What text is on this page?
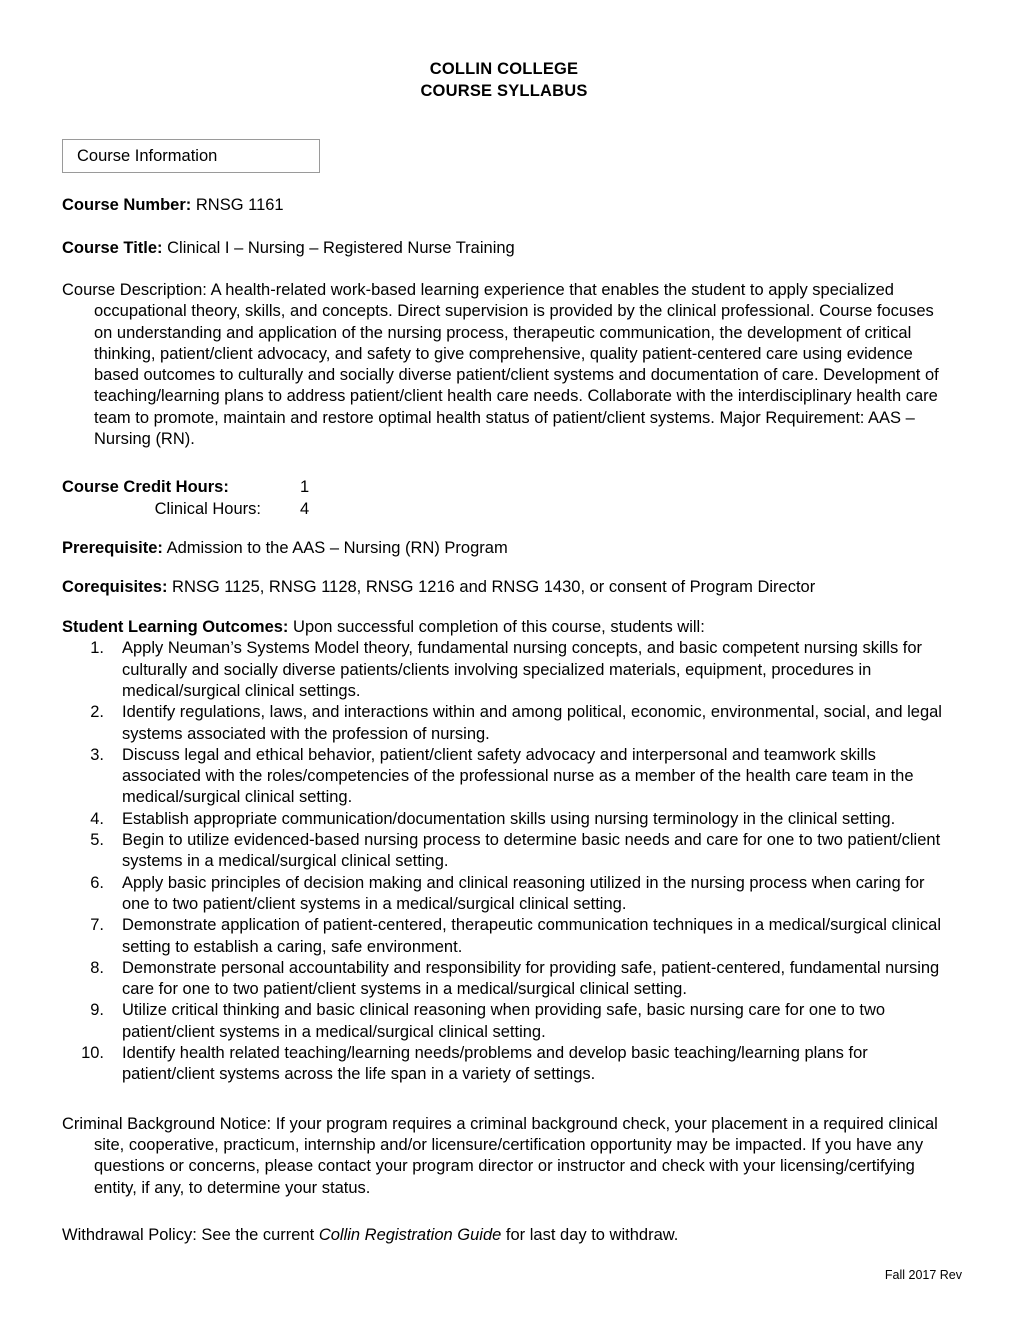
COLLIN COLLEGE
COURSE SYLLABUS
Course Information
Course Number: RNSG 1161
Course Title: Clinical I – Nursing – Registered Nurse Training
Course Description: A health-related work-based learning experience that enables the student to apply specialized occupational theory, skills, and concepts. Direct supervision is provided by the clinical professional. Course focuses on understanding and application of the nursing process, therapeutic communication, the development of critical thinking, patient/client advocacy, and safety to give comprehensive, quality patient-centered care using evidence based outcomes to culturally and socially diverse patient/client systems and documentation of care. Development of teaching/learning plans to address patient/client health care needs. Collaborate with the interdisciplinary health care team to promote, maintain and restore optimal health status of patient/client systems. Major Requirement: AAS – Nursing (RN).
Course Credit Hours:	1
Clinical Hours:	4
Prerequisite: Admission to the AAS – Nursing (RN) Program
Corequisites: RNSG 1125, RNSG 1128, RNSG 1216 and RNSG 1430, or consent of Program Director
Student Learning Outcomes: Upon successful completion of this course, students will:
1. Apply Neuman’s Systems Model theory, fundamental nursing concepts, and basic competent nursing skills for culturally and socially diverse patients/clients involving specialized materials, equipment, procedures in medical/surgical clinical settings.
2. Identify regulations, laws, and interactions within and among political, economic, environmental, social, and legal systems associated with the profession of nursing.
3. Discuss legal and ethical behavior, patient/client safety advocacy and interpersonal and teamwork skills associated with the roles/competencies of the professional nurse as a member of the health care team in the medical/surgical clinical setting.
4. Establish appropriate communication/documentation skills using nursing terminology in the clinical setting.
5. Begin to utilize evidenced-based nursing process to determine basic needs and care for one to two patient/client systems in a medical/surgical clinical setting.
6. Apply basic principles of decision making and clinical reasoning utilized in the nursing process when caring for one to two patient/client systems in a medical/surgical clinical setting.
7. Demonstrate application of patient-centered, therapeutic communication techniques in a medical/surgical clinical setting to establish a caring, safe environment.
8. Demonstrate personal accountability and responsibility for providing safe, patient-centered, fundamental nursing care for one to two patient/client systems in a medical/surgical clinical setting.
9. Utilize critical thinking and basic clinical reasoning when providing safe, basic nursing care for one to two patient/client systems in a medical/surgical clinical setting.
10. Identify health related teaching/learning needs/problems and develop basic teaching/learning plans for patient/client systems across the life span in a variety of settings.
Criminal Background Notice: If your program requires a criminal background check, your placement in a required clinical site, cooperative, practicum, internship and/or licensure/certification opportunity may be impacted. If you have any questions or concerns, please contact your program director or instructor and check with your licensing/certifying entity, if any, to determine your status.
Withdrawal Policy: See the current Collin Registration Guide for last day to withdraw.
Fall 2017 Rev
